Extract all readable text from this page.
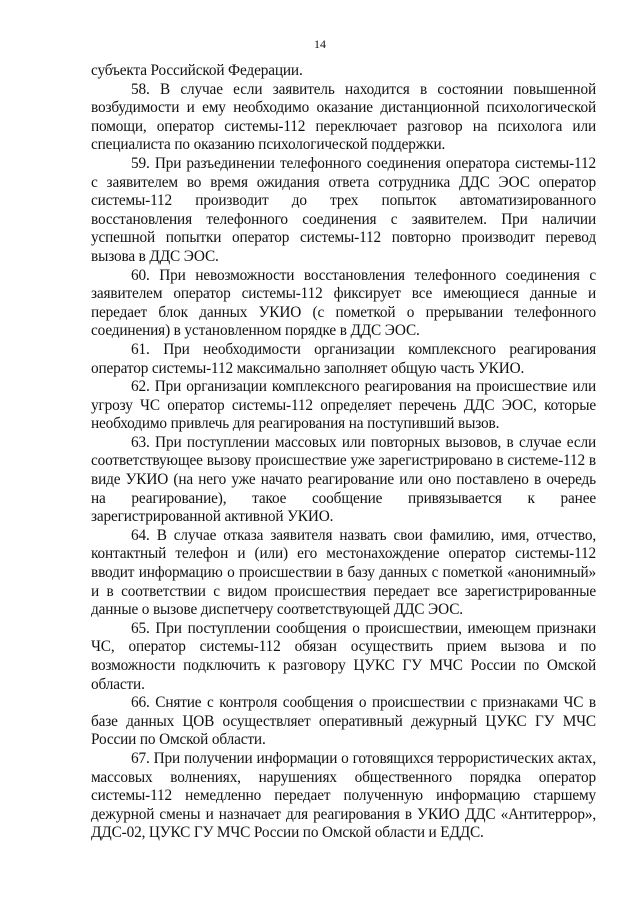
14

субъекта Российской Федерации.

58. В случае если заявитель находится в состоянии повышенной возбудимости и ему необходимо оказание дистанционной психологической помощи, оператор системы-112 переключает разговор на психолога или специалиста по оказанию психологической поддержки.

59. При разъединении телефонного соединения оператора системы-112 с заявителем во время ожидания ответа сотрудника ДДС ЭОС оператор системы-112 производит до трех попыток автоматизированного восстановления телефонного соединения с заявителем. При наличии успешной попытки оператор системы-112 повторно производит перевод вызова в ДДС ЭОС.

60. При невозможности восстановления телефонного соединения с заявителем оператор системы-112 фиксирует все имеющиеся данные и передает блок данных УКИО (с пометкой о прерывании телефонного соединения) в установленном порядке в ДДС ЭОС.

61. При необходимости организации комплексного реагирования оператор системы-112 максимально заполняет общую часть УКИО.

62. При организации комплексного реагирования на происшествие или угрозу ЧС оператор системы-112 определяет перечень ДДС ЭОС, которые необходимо привлечь для реагирования на поступивший вызов.

63. При поступлении массовых или повторных вызовов, в случае если соответствующее вызову происшествие уже зарегистрировано в системе-112 в виде УКИО (на него уже начато реагирование или оно поставлено в очередь на реагирование), такое сообщение привязывается к ранее зарегистрированной активной УКИО.

64. В случае отказа заявителя назвать свои фамилию, имя, отчество, контактный телефон и (или) его местонахождение оператор системы-112 вводит информацию о происшествии в базу данных с пометкой «анонимный» и в соответствии с видом происшествия передает все зарегистрированные данные о вызове диспетчеру соответствующей ДДС ЭОС.

65. При поступлении сообщения о происшествии, имеющем признаки ЧС, оператор системы-112 обязан осуществить прием вызова и по возможности подключить к разговору ЦУКС ГУ МЧС России по Омской области.

66. Снятие с контроля сообщения о происшествии с признаками ЧС в базе данных ЦОВ осуществляет оперативный дежурный ЦУКС ГУ МЧС России по Омской области.

67. При получении информации о готовящихся террористических актах, массовых волнениях, нарушениях общественного порядка оператор системы-112 немедленно передает полученную информацию старшему дежурной смены и назначает для реагирования в УКИО ДДС «Антитеррор», ДДС-02, ЦУКС ГУ МЧС России по Омской области и ЕДДС.
